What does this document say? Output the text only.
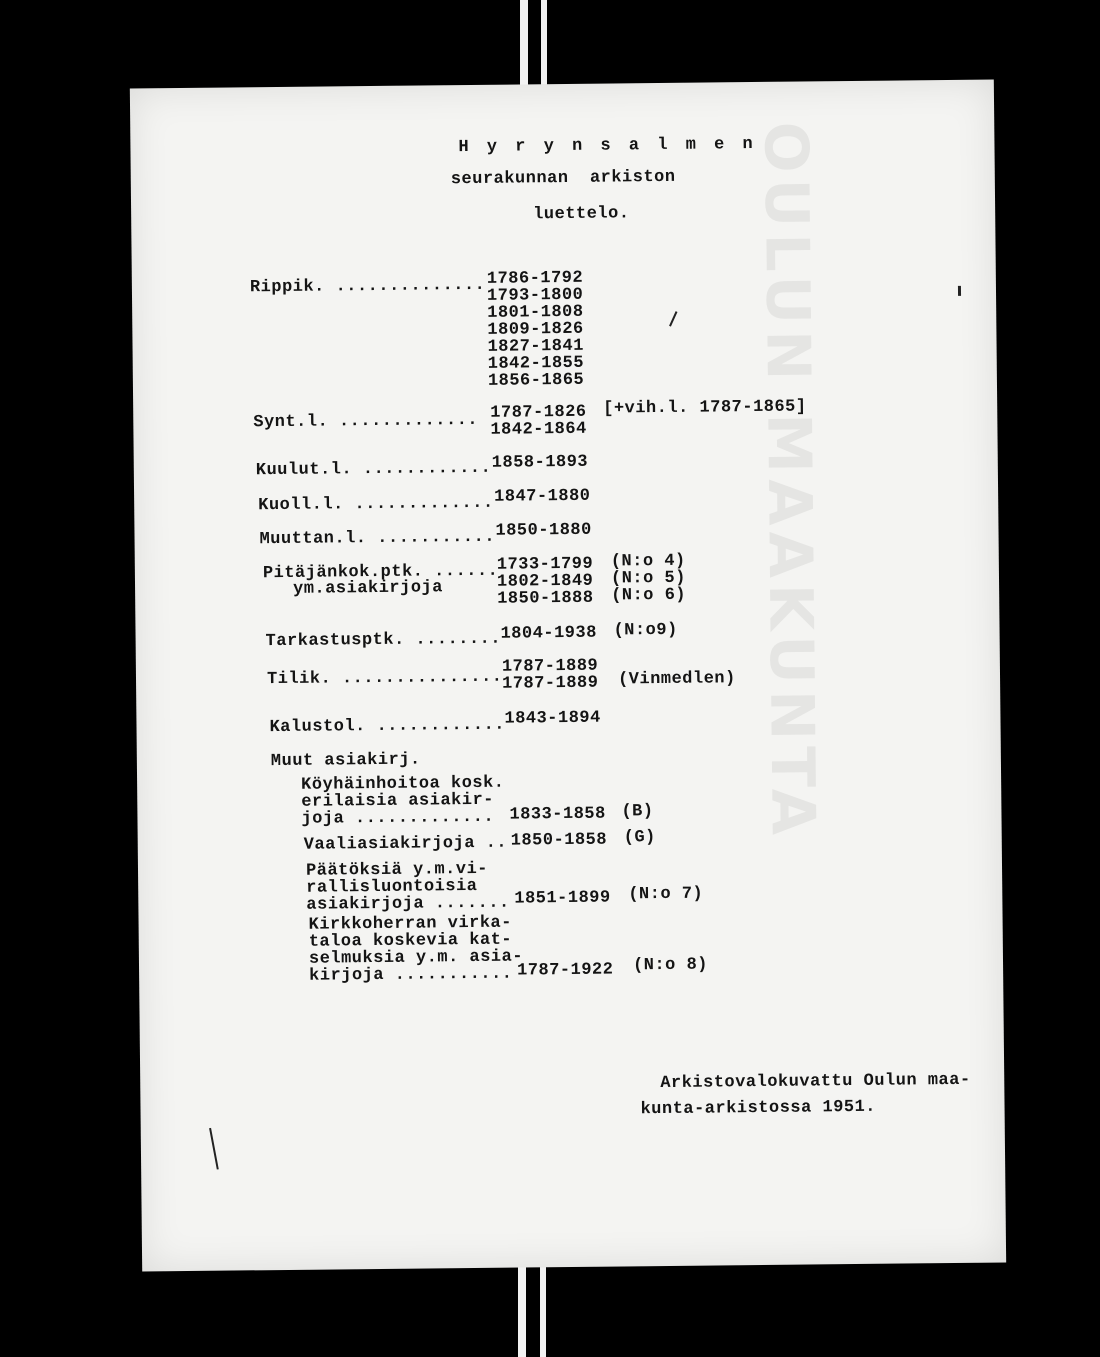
OULUN MAAKUNTA
H y r y n s a l m e n
seurakunnan  arkiston
luettelo.
Rippik. .............. 1786-1792
1793-1800
1801-1808
1809-1826
1827-1841
1842-1855
1856-1865
Synt.l. ............. 1787-1826
1842-1864
[+vih.l. 1787-1865]
Kuulut.l. ............ 1858-1893
Kuoll.l. ............. 1847-1880
Muuttan.l. ........... 1850-1880
Pitäjänkok.ptk. ......
ym.asiakirjoja
1733-1799
1802-1849
1850-1888
(N:o 4)
(N:o 5)
(N:o 6)
Tarkastusptk. ........ 1804-1938 (N:o9)
Tilik. ...............
1787-1889
1787-1889 (Vinmedlen)
Kalustol. ............ 1843-1894
Muut asiakirj.
Köyhäinhoitoa kosk.
erilaisia asiakir-
joja ............. 1833-1858 (B)
Vaaliasiakirjoja .. 1850-1858 (G)
Päätöksiä y.m.vi-
rallisluontoisia
asiakirjoja ....... 1851-1899 (N:o 7)
Kirkkoherran virka-
taloa koskevia kat-
selmuksia y.m. asia-
kirjoja ........... 1787-1922 (N:o 8)
Arkistovalokuvattu Oulun maa-
kunta-arkistossa 1951.
